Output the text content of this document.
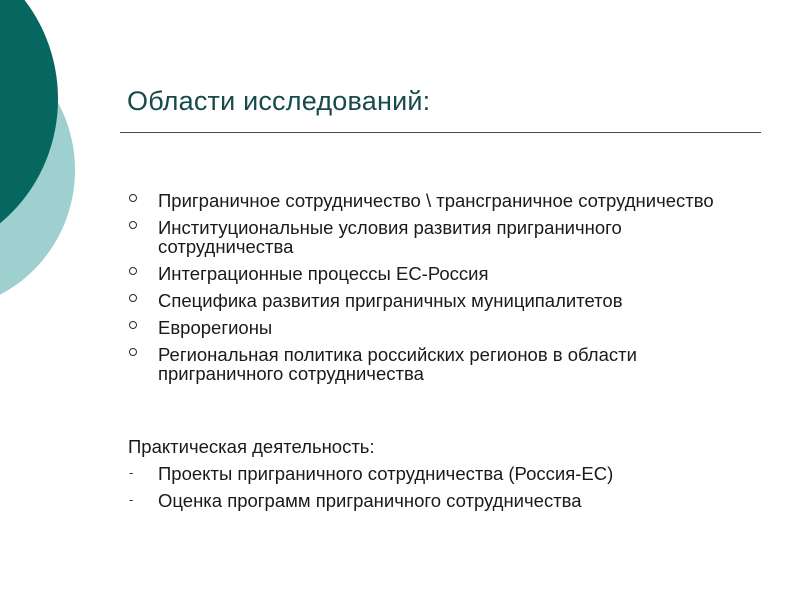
Области исследований:
Приграничное сотрудничество \ трансграничное сотрудничество
Институциональные условия развития приграничного сотрудничества
Интеграционные процессы ЕС-Россия
Специфика развития приграничных муниципалитетов
Еврорегионы
Региональная политика российских регионов в области приграничного сотрудничества
Практическая деятельность:
- Проекты приграничного сотрудничества (Россия-ЕС)
- Оценка программ приграничного сотрудничества
